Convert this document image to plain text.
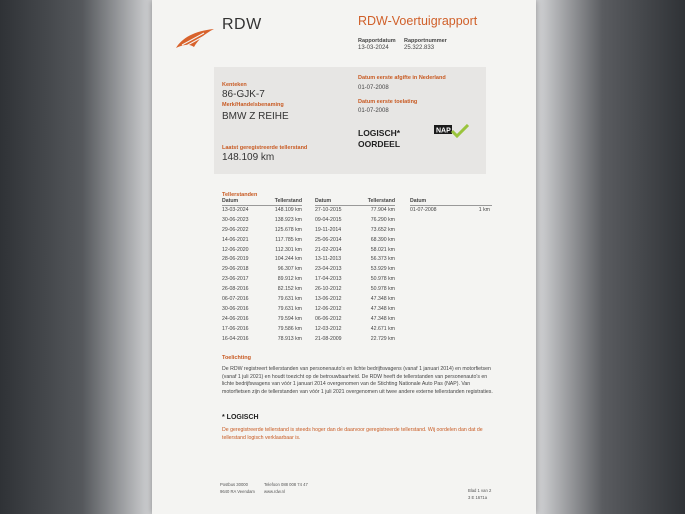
RDW	RDW-Voertuigrapport
Rapportdatum
13-03-2024
Rapportnummer
25.322.833
Kenteken
86-GJK-7
Merk/Handelsbenaming
BMW Z REIHE
Laatst geregistreerde tellerstand
148.109 km
Datum eerste afgifte in Nederland
01-07-2008
Datum eerste toelating
01-07-2008
LOGISCH*
OORDEEL
NAP
Tellerstanden
Datum	Tellerstand
13-03-2024	148.109 km
30-06-2023	138.923 km
29-06-2022	125.678 km
14-06-2021	117.785 km
12-06-2020	112.301 km
28-06-2019	104.244 km
29-06-2018	96.307 km
23-06-2017	89.912 km
26-08-2016	82.152 km
06-07-2016	79.631 km
30-06-2016	79.631 km
24-06-2016	79.594 km
17-06-2016	79.586 km
16-04-2016	78.913 km
Datum	Tellerstand
27-10-2015	77.904 km
09-04-2015	76.290 km
19-11-2014	73.652 km
25-06-2014	68.390 km
21-02-2014	58.021 km
13-11-2013	56.373 km
23-04-2013	53.929 km
17-04-2013	50.978 km
26-10-2012	50.978 km
13-06-2012	47.348 km
12-06-2012	47.348 km
06-06-2012	47.348 km
12-03-2012	42.671 km
21-08-2009	22.729 km
Datum
01-07-2008	1 km
Toelichting
De RDW registreert tellerstanden van personenauto's en lichte bedrijfswagens (vanaf 1 januari 2014) en motorfietsen (vanaf 1 juli 2021) en houdt toezicht op de betrouwbaarheid. De RDW heeft de tellerstanden van personenauto's en lichte bedrijfswagens van vóór 1 januari 2014 overgenomen van de Stichting Nationale Auto Pas (NAP). Van motorfietsen zijn de tellerstanden van vóór 1 juli 2021 overgenomen uit twee andere externe tellerstanden registraties.
* LOGISCH
De geregistreerde tellerstand is steeds hoger dan de daarvoor geregistreerde tellerstand. Wij oordelen dan dat de tellerstand logisch verklaarbaar is.
Postbus 30000
9640 RA Veendam
Telefoon 088 008 74 47
www.rdw.nl	Blad 1 van 2
3 E 1671a
